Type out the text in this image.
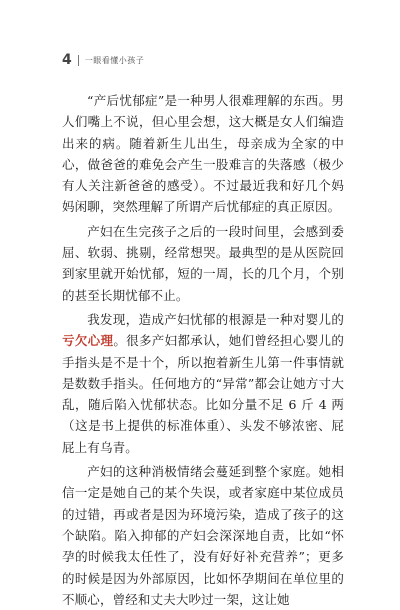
4 一眼看懂小孩子

“产后忧郁症”是一种男人很难理解的东西。男人们嘴上不说，但心里会想，这大概是女人们编造出来的病。随着新生儿出生，母亲成为全家的中心，做爸爸的难免会产生一股难言的失落感（极少有人关注新爸爸的感受）。不过最近我和好几个妈妈闲聊，突然理解了所谓产后忧郁症的真正原因。

产妇在生完孩子之后的一段时间里，会感到委屈、软弱、挑剔，经常想哭。最典型的是从医院回到家里就开始忧郁，短的一周，长的几个月，个别的甚至长期忧郁不止。

我发现，造成产妇忧郁的根源是一种对婴儿的亏欠心理。很多产妇都承认，她们曾经担心婴儿的手指头是不是十个，所以抱着新生儿第一件事情就是数数手指头。任何地方的“异常”都会让她方寸大乱，随后陷入忧郁状态。比如分量不足 6 斤 4 两（这是书上提供的标准体重）、头发不够浓密、屁屁上有乌青。

产妇的这种消极情绪会蔓延到整个家庭。她相信一定是她自己的某个失误，或者家庭中某位成员的过错，再或者是因为环境污染，造成了孩子的这个缺陷。陷入抑郁的产妇会深深地自责，比如“怀孕的时候我太任性了，没有好好补充营养”；更多的时候是因为外部原因，比如怀孕期间在单位里的不顺心，曾经和丈夫大吵过一架，这让她
